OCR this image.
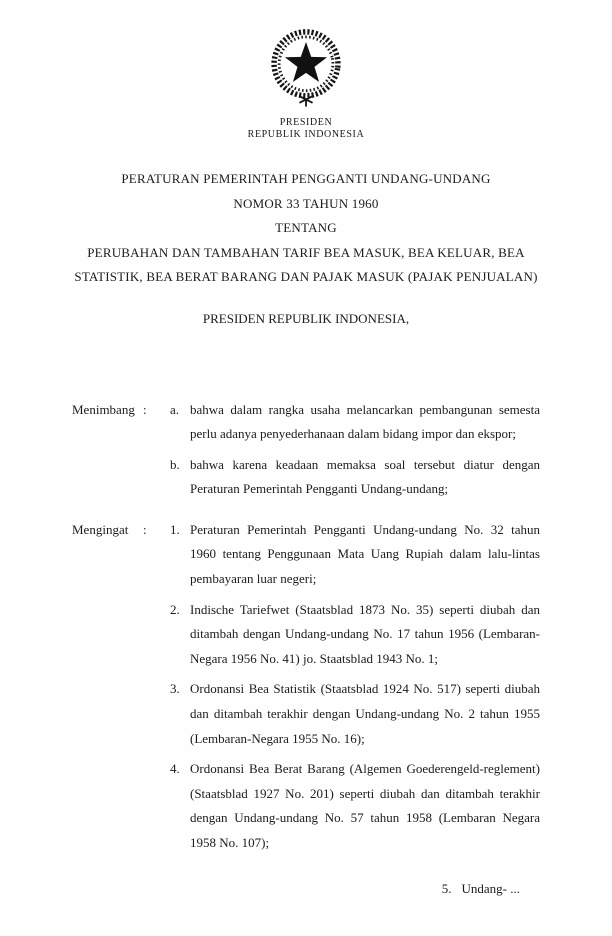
PRESIDEN
REPUBLIK INDONESIA
PERATURAN PEMERINTAH PENGGANTI UNDANG-UNDANG
NOMOR 33 TAHUN 1960
TENTANG
PERUBAHAN DAN TAMBAHAN TARIF BEA MASUK, BEA KELUAR, BEA
STATISTIK, BEA BERAT BARANG DAN PAJAK MASUK (PAJAK PENJUALAN)
PRESIDEN REPUBLIK INDONESIA,
Menimbang :	a. bahwa dalam rangka usaha melancarkan pembangunan semesta perlu adanya penyederhanaan dalam bidang impor dan ekspor;
b. bahwa karena keadaan memaksa soal tersebut diatur dengan Peraturan Pemerintah Pengganti Undang-undang;
Mengingat	:	1. Peraturan Pemerintah Pengganti Undang-undang No. 32 tahun 1960 tentang Penggunaan Mata Uang Rupiah dalam lalu-lintas pembayaran luar negeri;
2. Indische Tariefwet (Staatsblad 1873 No. 35) seperti diubah dan ditambah dengan Undang-undang No. 17 tahun 1956 (Lembaran-Negara 1956 No. 41) jo. Staatsblad 1943 No. 1;
3. Ordonansi Bea Statistik (Staatsblad 1924 No. 517) seperti diubah dan ditambah terakhir dengan Undang-undang No. 2 tahun 1955 (Lembaran-Negara 1955 No. 16);
4. Ordonansi Bea Berat Barang (Algemen Goederengeld-reglement) (Staatsblad 1927 No. 201) seperti diubah dan ditambah terakhir dengan Undang-undang No. 57 tahun 1958 (Lembaran Negara 1958 No. 107);
5. Undang- ...
